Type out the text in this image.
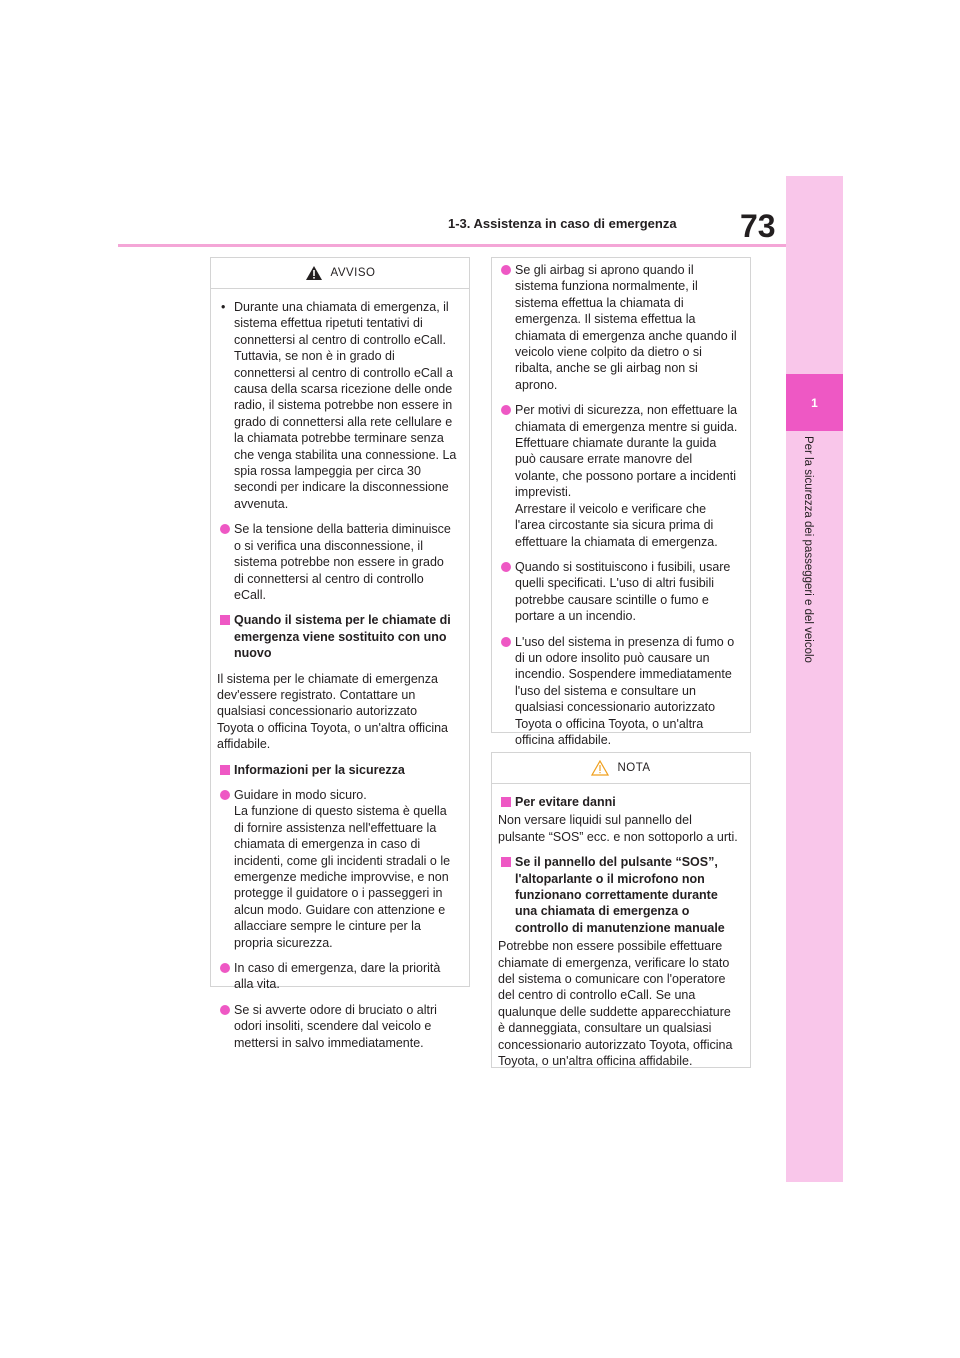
1-3. Assistenza in caso di emergenza 73
1
Per la sicurezza dei passeggeri e del veicolo
AVVISO
• Durante una chiamata di emergenza, il sistema effettua ripetuti tentativi di connettersi al centro di controllo eCall. Tuttavia, se non è in grado di connettersi al centro di controllo eCall a causa della scarsa ricezione delle onde radio, il sistema potrebbe non essere in grado di connettersi alla rete cellulare e la chiamata potrebbe terminare senza che venga stabilita una connessione. La spia rossa lampeggia per circa 30 secondi per indicare la disconnessione avvenuta.
Se la tensione della batteria diminuisce o si verifica una disconnessione, il sistema potrebbe non essere in grado di connettersi al centro di controllo eCall.
Quando il sistema per le chiamate di emergenza viene sostituito con uno nuovo
Il sistema per le chiamate di emergenza dev'essere registrato. Contattare un qualsiasi concessionario autorizzato Toyota o officina Toyota, o un'altra officina affidabile.
Informazioni per la sicurezza
Guidare in modo sicuro.
La funzione di questo sistema è quella di fornire assistenza nell'effettuare la chiamata di emergenza in caso di incidenti, come gli incidenti stradali o le emergenze mediche improvvise, e non protegge il guidatore o i passeggeri in alcun modo. Guidare con attenzione e allacciare sempre le cinture per la propria sicurezza.
In caso di emergenza, dare la priorità alla vita.
Se si avverte odore di bruciato o altri odori insoliti, scendere dal veicolo e mettersi in salvo immediatamente.
Se gli airbag si aprono quando il sistema funziona normalmente, il sistema effettua la chiamata di emergenza. Il sistema effettua la chiamata di emergenza anche quando il veicolo viene colpito da dietro o si ribalta, anche se gli airbag non si aprono.
Per motivi di sicurezza, non effettuare la chiamata di emergenza mentre si guida. Effettuare chiamate durante la guida può causare errate manovre del volante, che possono portare a incidenti imprevisti.
Arrestare il veicolo e verificare che l'area circostante sia sicura prima di effettuare la chiamata di emergenza.
Quando si sostituiscono i fusibili, usare quelli specificati. L'uso di altri fusibili potrebbe causare scintille o fumo e portare a un incendio.
L'uso del sistema in presenza di fumo o di un odore insolito può causare un incendio. Sospendere immediatamente l'uso del sistema e consultare un qualsiasi concessionario autorizzato Toyota o officina Toyota, o un'altra officina affidabile.
NOTA
Per evitare danni
Non versare liquidi sul pannello del pulsante “SOS” ecc. e non sottoporlo a urti.
Se il pannello del pulsante “SOS”, l'altoparlante o il microfono non funzionano correttamente durante una chiamata di emergenza o controllo di manutenzione manuale
Potrebbe non essere possibile effettuare chiamate di emergenza, verificare lo stato del sistema o comunicare con l'operatore del centro di controllo eCall. Se una qualunque delle suddette apparecchiature è danneggiata, consultare un qualsiasi concessionario autorizzato Toyota, officina Toyota, o un'altra officina affidabile.
